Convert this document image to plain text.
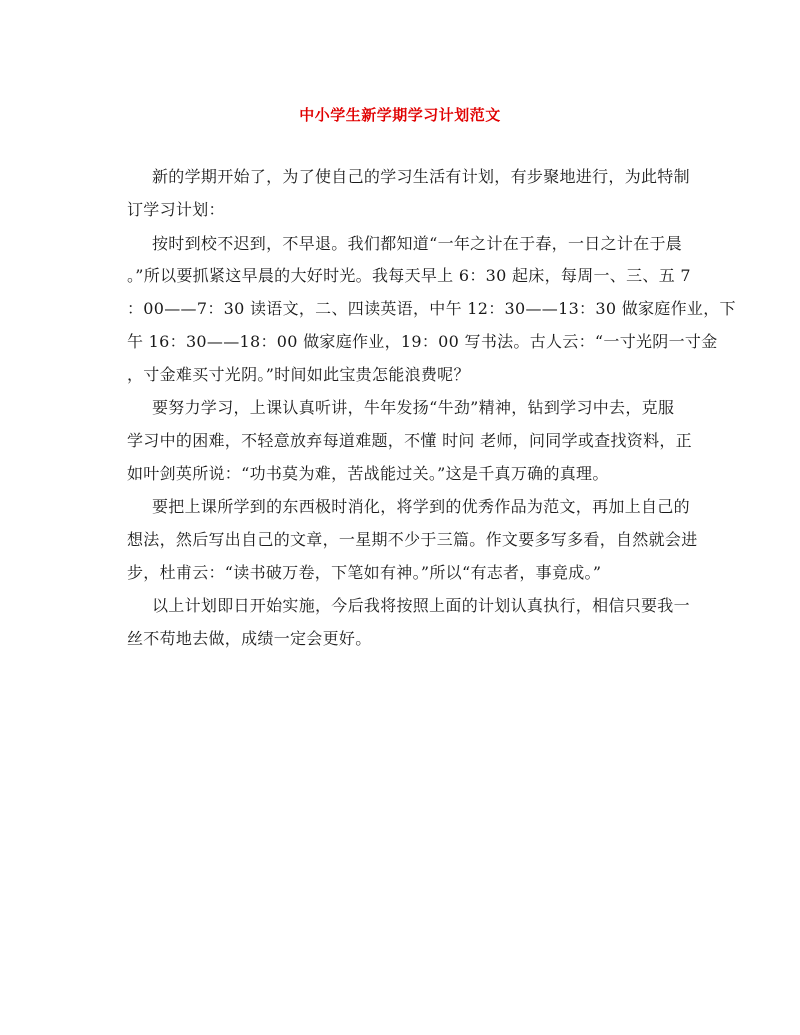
中小学生新学期学习计划范文
新的学期开始了，为了使自己的学习生活有计划，有步聚地进行，为此特制
订学习计划：
按时到校不迟到，不早退。我们都知道“一年之计在于春，一日之计在于晨
。”所以要抓紧这早晨的大好时光。我每天早上 6：30 起床，每周一、三、五 7
：00——7：30 读语文，二、四读英语，中午 12：30——13：30 做家庭作业，下
午 16：30——18：00 做家庭作业，19：00 写书法。古人云：“一寸光阴一寸金
，寸金难买寸光阴。”时间如此宝贵怎能浪费呢？
要努力学习，上课认真听讲，牛年发扬“牛劲”精神，钻到学习中去，克服
学习中的困难，不轻意放弃每道难题，不懂 时问 老师，问同学或查找资料，正
如叶剑英所说：“功书莫为难，苦战能过关。”这是千真万确的真理。
要把上课所学到的东西极时消化，将学到的优秀作品为范文，再加上自己的
想法，然后写出自己的文章，一星期不少于三篇。作文要多写多看，自然就会进
步，杜甫云：“读书破万卷，下笔如有神。”所以“有志者，事竟成。”
以上计划即日开始实施，今后我将按照上面的计划认真执行，相信只要我一
丝不苟地去做，成绩一定会更好。
